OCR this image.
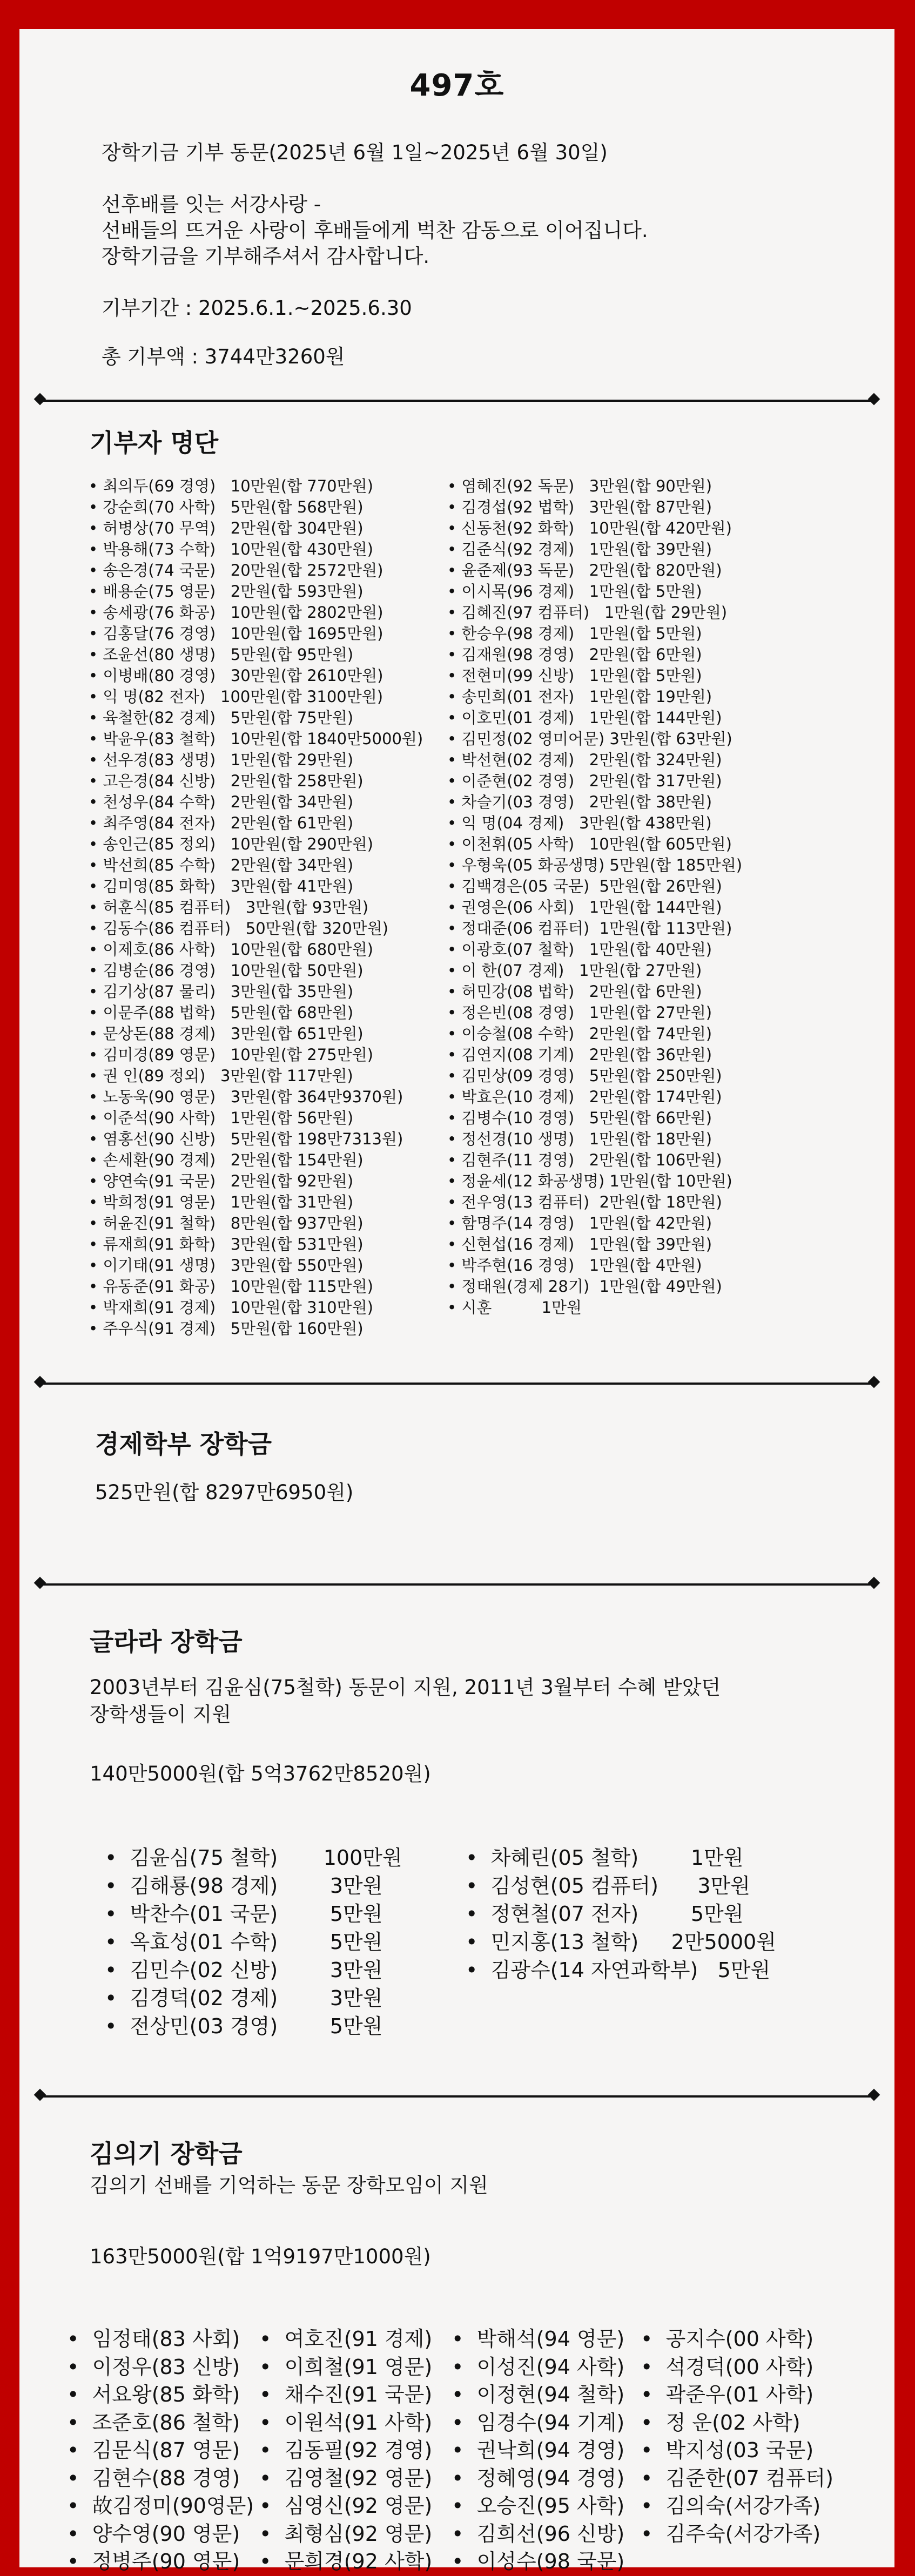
497호

장학기금 기부 동문(2025년 6월 1일~2025년 6월 30일)

선후배를 잇는 서강사랑 -

선배들의 뜨거운 사랑이 후배들에게 벅찬 감동으로 이어집니다.

장학기금을 기부해주셔서 감사합니다.

기부기간 : 2025.6.1.~2025.6.30

총 기부액 : 3744만3260원

기부자 명단
• 최의두(69 경영)   10만원(합 770만원)
• 강순희(70 사학)   5만원(합 568만원)
• 허병상(70 무역)   2만원(합 304만원)
• 박용해(73 수학)   10만원(합 430만원)
• 송은경(74 국문)   20만원(합 2572만원)
• 배용순(75 영문)   2만원(합 593만원)
• 송세광(76 화공)   10만원(합 2802만원)
• 김홍달(76 경영)   10만원(합 1695만원)
• 조윤선(80 생명)   5만원(합 95만원)
• 이병배(80 경영)   30만원(합 2610만원)
• 익 명(82 전자)   100만원(합 3100만원)
• 육철한(82 경제)   5만원(합 75만원)
• 박윤우(83 철학)   10만원(합 1840만5000원)
• 선우경(83 생명)   1만원(합 29만원)
• 고은경(84 신방)   2만원(합 258만원)
• 천성우(84 수학)   2만원(합 34만원)
• 최주영(84 전자)   2만원(합 61만원)
• 송인근(85 정외)   10만원(합 290만원)
• 박선희(85 수학)   2만원(합 34만원)
• 김미영(85 화학)   3만원(합 41만원)
• 허훈식(85 컴퓨터)   3만원(합 93만원)
• 김동수(86 컴퓨터)   50만원(합 320만원)
• 이제호(86 사학)   10만원(합 680만원)
• 김병순(86 경영)   10만원(합 50만원)
• 김기상(87 물리)   3만원(합 35만원)
• 이문주(88 법학)   5만원(합 68만원)
• 문상돈(88 경제)   3만원(합 651만원)
• 김미경(89 영문)   10만원(합 275만원)
• 권 인(89 정외)   3만원(합 117만원)
• 노동욱(90 영문)   3만원(합 364만9370원)
• 이준석(90 사학)   1만원(합 56만원)
• 염홍선(90 신방)   5만원(합 198만7313원)
• 손세환(90 경제)   2만원(합 154만원)
• 양연숙(91 국문)   2만원(합 92만원)
• 박희정(91 영문)   1만원(합 31만원)
• 허윤진(91 철학)   8만원(합 937만원)
• 류재희(91 화학)   3만원(합 531만원)
• 이기태(91 생명)   3만원(합 550만원)
• 유동준(91 화공)   10만원(합 115만원)
• 박재희(91 경제)   10만원(합 310만원)
• 주우식(91 경제)   5만원(합 160만원)
• 염혜진(92 독문)   3만원(합 90만원)
• 김경섭(92 법학)   3만원(합 87만원)
• 신동천(92 화학)   10만원(합 420만원)
• 김준식(92 경제)   1만원(합 39만원)
• 윤준제(93 독문)   2만원(합 820만원)
• 이시목(96 경제)   1만원(합 5만원)
• 김혜진(97 컴퓨터)   1만원(합 29만원)
• 한승우(98 경제)   1만원(합 5만원)
• 김재원(98 경영)   2만원(합 6만원)
• 전현미(99 신방)   1만원(합 5만원)
• 송민희(01 전자)   1만원(합 19만원)
• 이호민(01 경제)   1만원(합 144만원)
• 김민정(02 영미어문) 3만원(합 63만원)
• 박선현(02 경제)   2만원(합 324만원)
• 이준현(02 경영)   2만원(합 317만원)
• 차슬기(03 경영)   2만원(합 38만원)
• 익 명(04 경제)   3만원(합 438만원)
• 이천휘(05 사학)   10만원(합 605만원)
• 우형욱(05 화공생명) 5만원(합 185만원)
• 김백경은(05 국문)  5만원(합 26만원)
• 권영은(06 사회)   1만원(합 144만원)
• 정대준(06 컴퓨터)  1만원(합 113만원)
• 이광호(07 철학)   1만원(합 40만원)
• 이 한(07 경제)   1만원(합 27만원)
• 허민강(08 법학)   2만원(합 6만원)
• 정은빈(08 경영)   1만원(합 27만원)
• 이승철(08 수학)   2만원(합 74만원)
• 김연지(08 기계)   2만원(합 36만원)
• 김민상(09 경영)   5만원(합 250만원)
• 박효은(10 경제)   2만원(합 174만원)
• 김병수(10 경영)   5만원(합 66만원)
• 정선경(10 생명)   1만원(합 18만원)
• 김현주(11 경영)   2만원(합 106만원)
• 정윤세(12 화공생명) 1만원(합 10만원)
• 전우영(13 컴퓨터)  2만원(합 18만원)
• 함명주(14 경영)   1만원(합 42만원)
• 신현섭(16 경제)   1만원(합 39만원)
• 박주현(16 경영)   1만원(합 4만원)
• 정태원(경제 28기)  1만원(합 49만원)
• 시훈          1만원
경제학부 장학금
525만원(합 8297만6950원)
글라라 장학금
2003년부터 김윤심(75철학) 동문이 지원, 2011년 3월부터 수혜 받았던
장학생들이 지원
140만5000원(합 5억3762만8520원)
•  김윤심(75 철학)       100만원
•  김해룡(98 경제)        3만원
•  박찬수(01 국문)        5만원
•  옥효성(01 수학)        5만원
•  김민수(02 신방)        3만원
•  김경덕(02 경제)        3만원
•  전상민(03 경영)        5만원
•  차혜린(05 철학)        1만원
•  김성현(05 컴퓨터)      3만원
•  정현철(07 전자)        5만원
•  민지홍(13 철학)     2만5000원
•  김광수(14 자연과학부)   5만원
김의기 장학금
김의기 선배를 기억하는 동문 장학모임이 지원
163만5000원(합 1억9197만1000원)
•  임정태(83 사회)
•  이정우(83 신방)
•  서요왕(85 화학)
•  조준호(86 철학)
•  김문식(87 영문)
•  김현수(88 경영)
•  故김정미(90영문)
•  양수영(90 영문)
•  정병주(90 영문)
•  여호진(91 경제)
•  이희철(91 영문)
•  채수진(91 국문)
•  이원석(91 사학)
•  김동필(92 경영)
•  김영철(92 영문)
•  심영신(92 영문)
•  최형심(92 영문)
•  문희경(92 사학)
•  박해석(94 영문)
•  이성진(94 사학)
•  이정현(94 철학)
•  임경수(94 기계)
•  권낙희(94 경영)
•  정혜영(94 경영)
•  오승진(95 사학)
•  김희선(96 신방)
•  이성수(98 국문)
•  공지수(00 사학)
•  석경덕(00 사학)
•  곽준우(01 사학)
•  정 운(02 사학)
•  박지성(03 국문)
•  김준한(07 컴퓨터)
•  김의숙(서강가족)
•  김주숙(서강가족)
